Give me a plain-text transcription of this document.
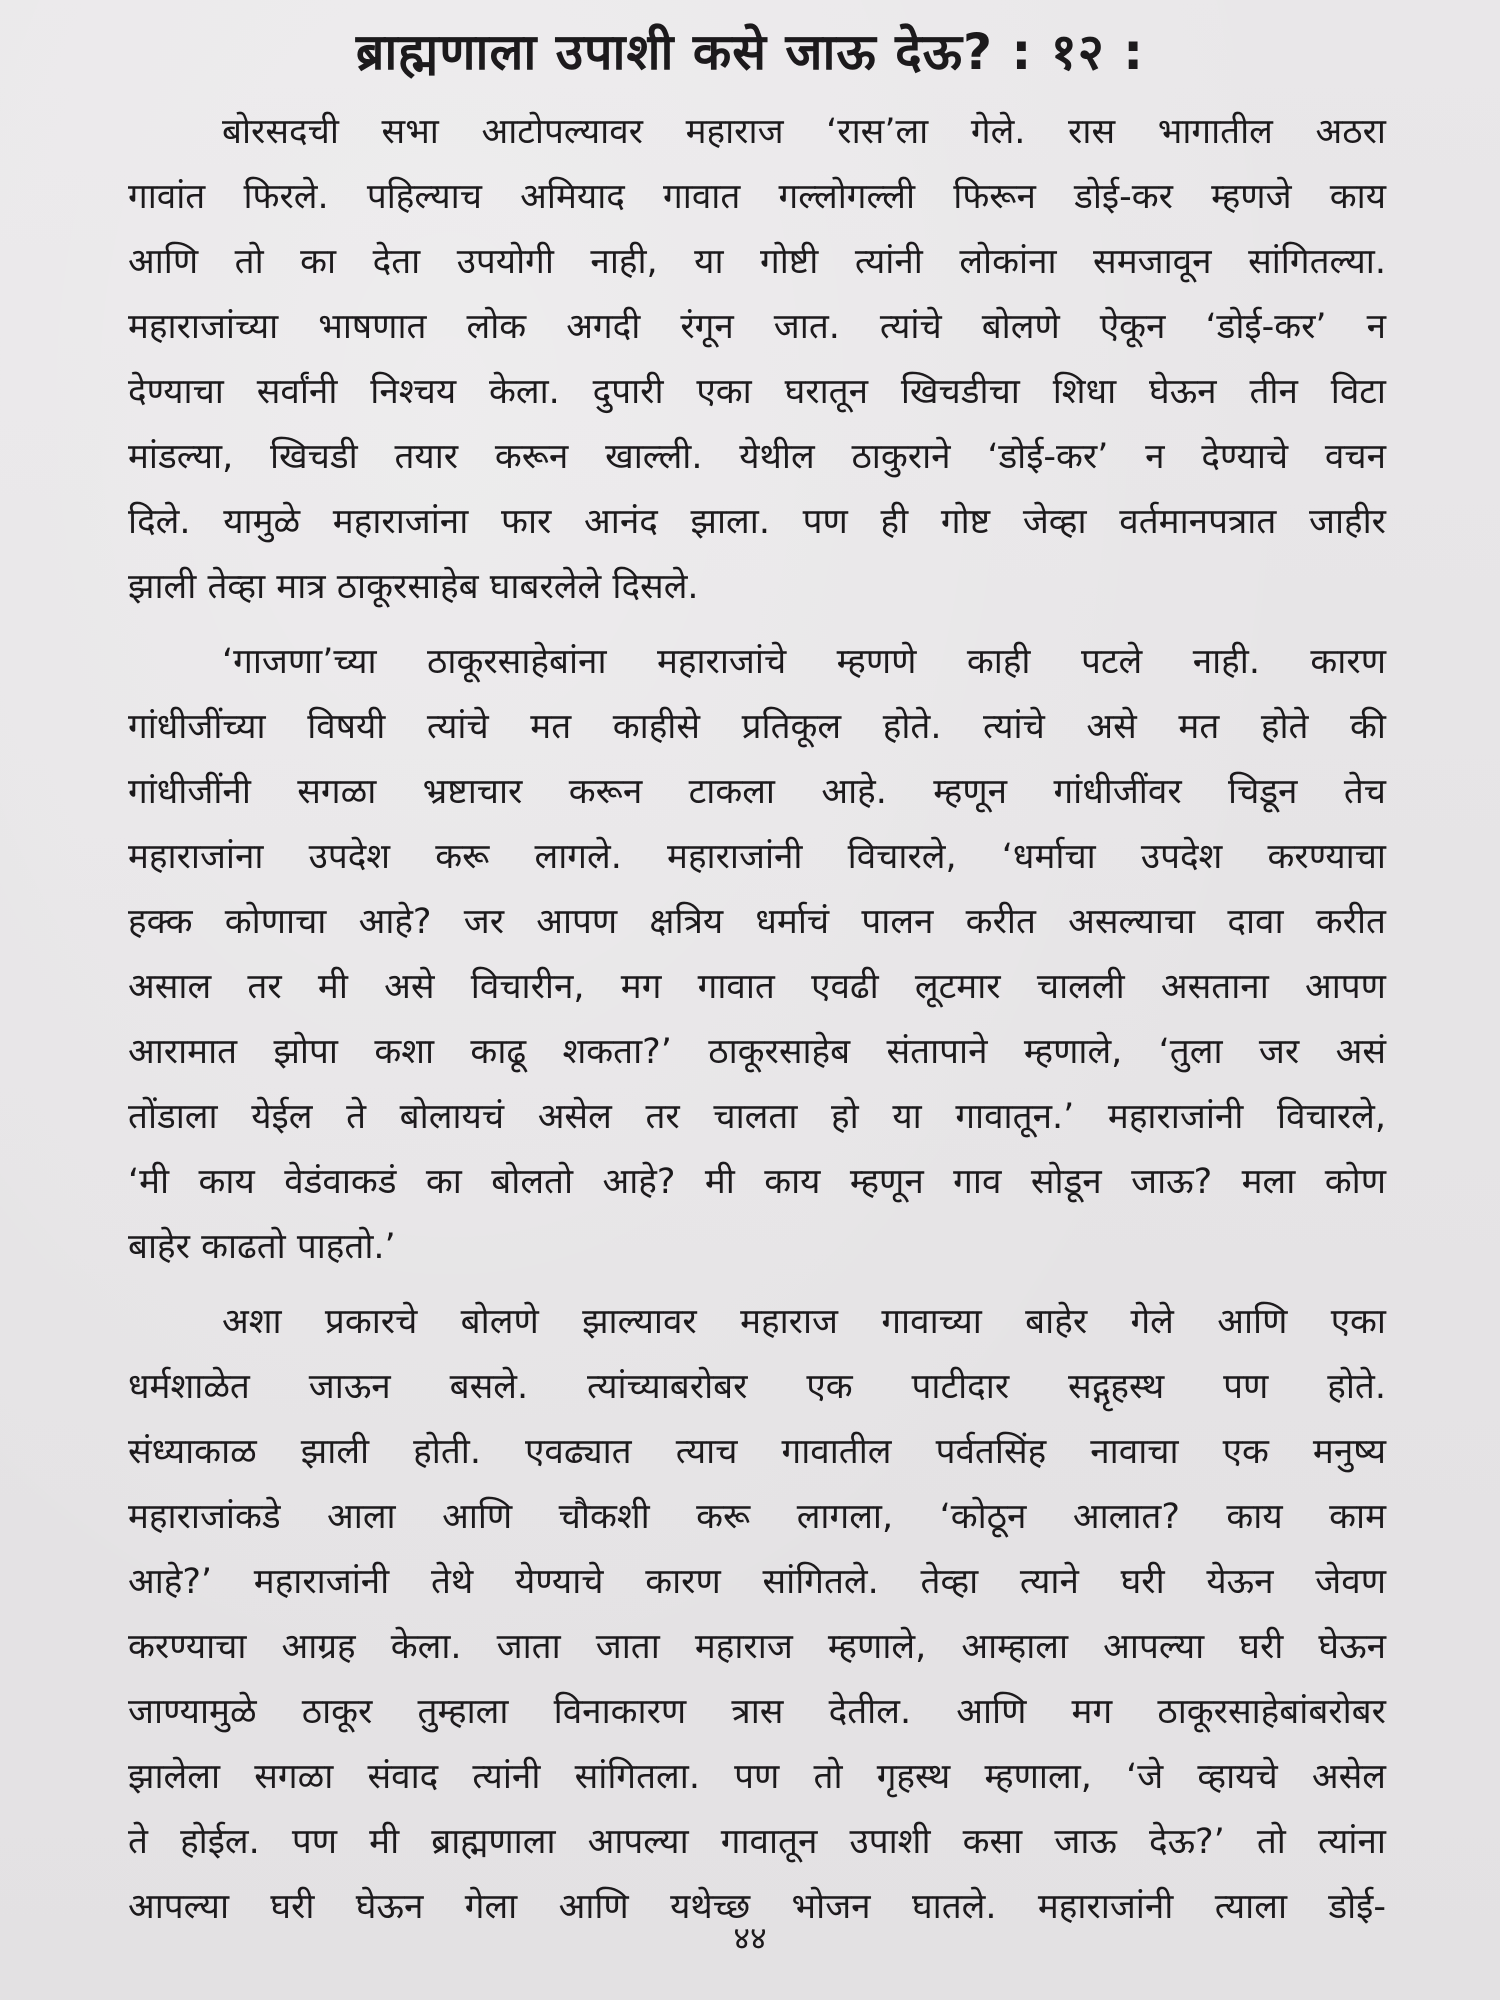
ब्राह्मणाला उपाशी कसे जाऊ देऊ? : १२ :

बोरसदची सभा आटोपल्यावर महाराज ‘रास’ला गेले. रास भागातील अठरा
गावांत फिरले. पहिल्याच अमियाद गावात गल्लोगल्ली फिरून डोई-कर म्हणजे काय
आणि तो का देता उपयोगी नाही, या गोष्टी त्यांनी लोकांना समजावून सांगितल्या.
महाराजांच्या भाषणात लोक अगदी रंगून जात. त्यांचे बोलणे ऐकून ‘डोई-कर’ न
देण्याचा सर्वांनी निश्चय केला. दुपारी एका घरातून खिचडीचा शिधा घेऊन तीन विटा
मांडल्या, खिचडी तयार करून खाल्ली. येथील ठाकुराने ‘डोई-कर’ न देण्याचे वचन
दिले. यामुळे महाराजांना फार आनंद झाला. पण ही गोष्ट जेव्हा वर्तमानपत्रात जाहीर
झाली तेव्हा मात्र ठाकूरसाहेब घाबरलेले दिसले.

‘गाजणा’च्या ठाकूरसाहेबांना महाराजांचे म्हणणे काही पटले नाही. कारण
गांधीजींच्या विषयी त्यांचे मत काहीसे प्रतिकूल होते. त्यांचे असे मत होते की
गांधीजींनी सगळा भ्रष्टाचार करून टाकला आहे. म्हणून गांधीजींवर चिडून तेच
महाराजांना उपदेश करू लागले. महाराजांनी विचारले, ‘धर्माचा उपदेश करण्याचा
हक्क कोणाचा आहे? जर आपण क्षत्रिय धर्माचं पालन करीत असल्याचा दावा करीत
असाल तर मी असे विचारीन, मग गावात एवढी लूटमार चालली असताना आपण
आरामात झोपा कशा काढू शकता?’ ठाकूरसाहेब संतापाने म्हणाले, ‘तुला जर असं
तोंडाला येईल ते बोलायचं असेल तर चालता हो या गावातून.’ महाराजांनी विचारले,
‘मी काय वेडंवाकडं का बोलतो आहे? मी काय म्हणून गाव सोडून जाऊ? मला कोण
बाहेर काढतो पाहतो.’

अशा प्रकारचे बोलणे झाल्यावर महाराज गावाच्या बाहेर गेले आणि एका
धर्मशाळेत जाऊन बसले. त्यांच्याबरोबर एक पाटीदार सद्गृहस्थ पण होते.
संध्याकाळ झाली होती. एवढ्यात त्याच गावातील पर्वतसिंह नावाचा एक मनुष्य
महाराजांकडे आला आणि चौकशी करू लागला, ‘कोठून आलात? काय काम
आहे?’ महाराजांनी तेथे येण्याचे कारण सांगितले. तेव्हा त्याने घरी येऊन जेवण
करण्याचा आग्रह केला. जाता जाता महाराज म्हणाले, आम्हाला आपल्या घरी घेऊन
जाण्यामुळे ठाकूर तुम्हाला विनाकारण त्रास देतील. आणि मग ठाकूरसाहेबांबरोबर
झालेला सगळा संवाद त्यांनी सांगितला. पण तो गृहस्थ म्हणाला, ‘जे व्हायचे असेल
ते होईल. पण मी ब्राह्मणाला आपल्या गावातून उपाशी कसा जाऊ देऊ?’ तो त्यांना
आपल्या घरी घेऊन गेला आणि यथेच्छ भोजन घातले. महाराजांनी त्याला डोई-

४४
